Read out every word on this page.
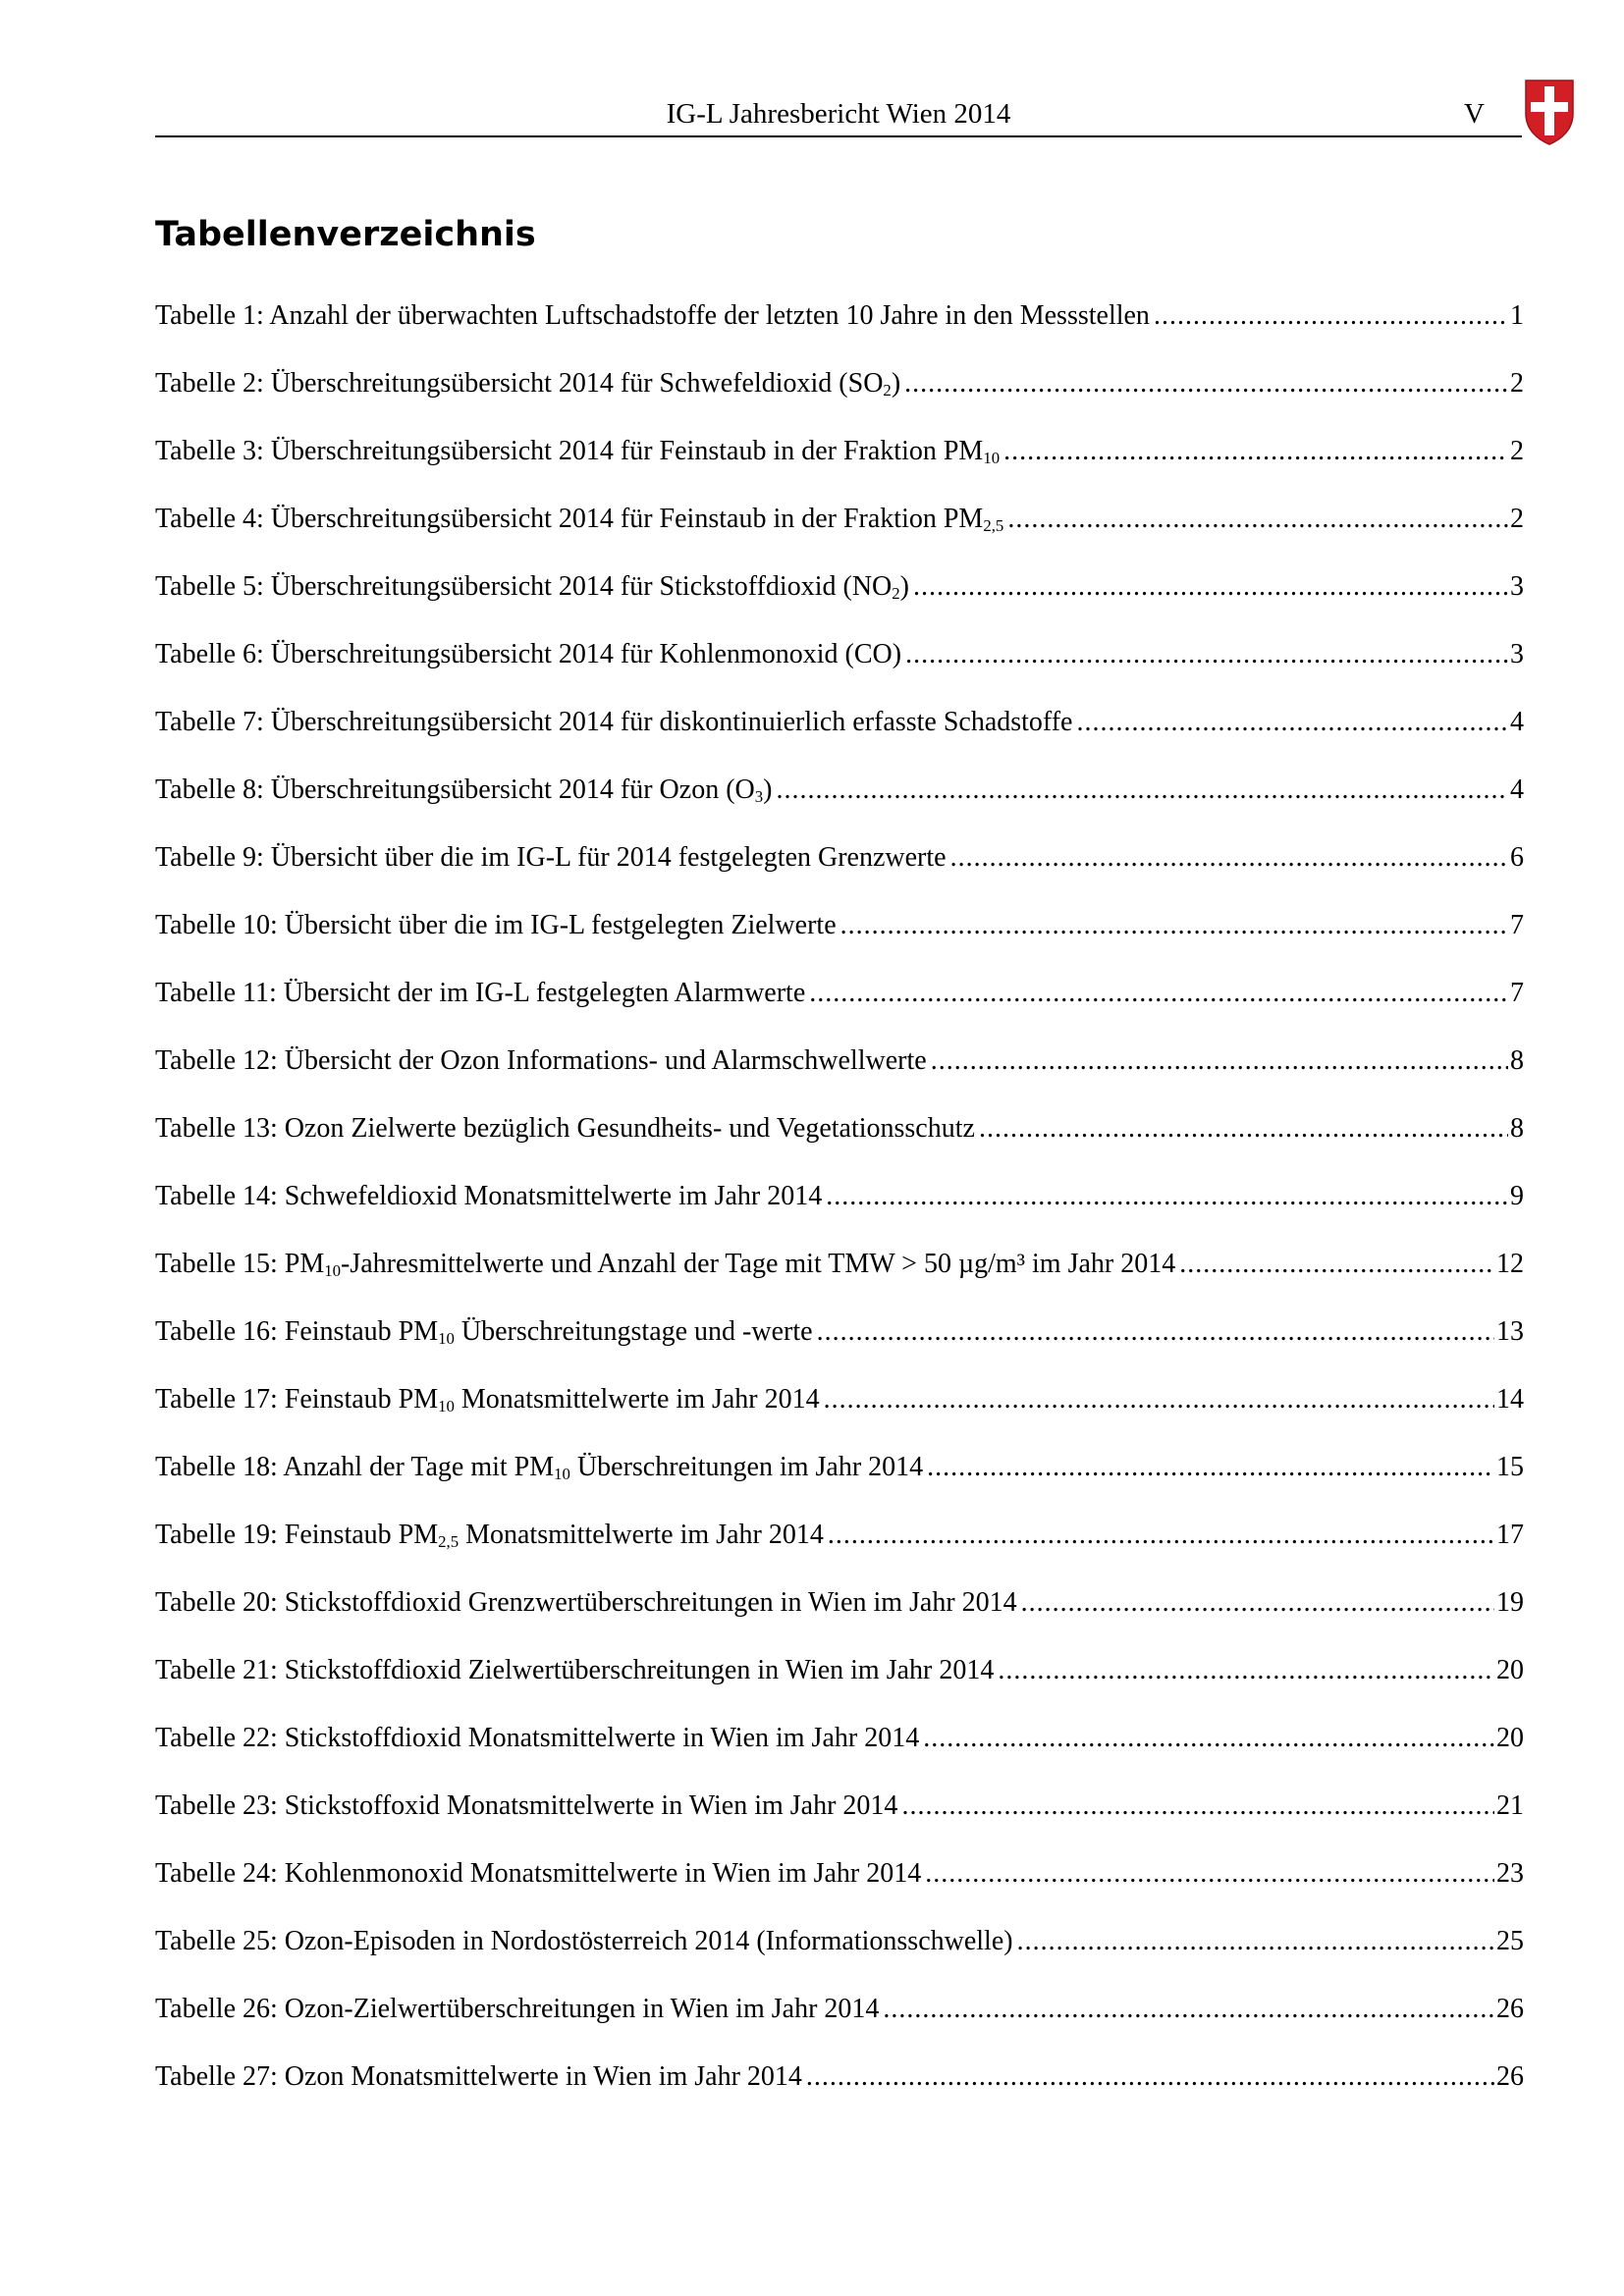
IG-L Jahresbericht Wien 2014	V
Tabellenverzeichnis
Tabelle 1: Anzahl der überwachten Luftschadstoffe der letzten 10 Jahre in den Messstellen .....	1
Tabelle 2: Überschreitungsübersicht 2014 für Schwefeldioxid $(SO_2)$ .....	2
Tabelle 3: Überschreitungsübersicht 2014 für Feinstaub in der Fraktion $PM_{10}$ .....	2
Tabelle 4: Überschreitungsübersicht 2014 für Feinstaub in der Fraktion $PM_{2,5}$ .....	2
Tabelle 5: Überschreitungsübersicht 2014 für Stickstoffdioxid $(NO_2)$ .....	3
Tabelle 6: Überschreitungsübersicht 2014 für Kohlenmonoxid (CO) .....	3
Tabelle 7: Überschreitungsübersicht 2014 für diskontinuierlich erfasste Schadstoffe .....	4
Tabelle 8: Überschreitungsübersicht 2014 für Ozon $(O_3)$ .....	4
Tabelle 9: Übersicht über die im IG-L für 2014 festgelegten Grenzwerte .....	6
Tabelle 10: Übersicht über die im IG-L festgelegten Zielwerte .....	7
Tabelle 11: Übersicht der im IG-L festgelegten Alarmwerte .....	7
Tabelle 12: Übersicht der Ozon Informations- und Alarmschwellwerte .....	8
Tabelle 13: Ozon Zielwerte bezüglich Gesundheits- und Vegetationsschutz .....	8
Tabelle 14: Schwefeldioxid Monatsmittelwerte im Jahr 2014 .....	9
Tabelle 15: $PM_{10}$-Jahresmittelwerte und Anzahl der Tage mit TMW > 50 µg/m³ im Jahr 2014 .....	12
Tabelle 16: Feinstaub $PM_{10}$ Überschreitungstage und -werte .....	13
Tabelle 17: Feinstaub $PM_{10}$ Monatsmittelwerte im Jahr 2014 .....	14
Tabelle 18: Anzahl der Tage mit $PM_{10}$ Überschreitungen im Jahr 2014 .....	15
Tabelle 19: Feinstaub $PM_{2,5}$ Monatsmittelwerte im Jahr 2014 .....	17
Tabelle 20: Stickstoffdioxid Grenzwertüberschreitungen in Wien im Jahr 2014 .....	19
Tabelle 21: Stickstoffdioxid Zielwertüberschreitungen in Wien im Jahr 2014 .....	20
Tabelle 22: Stickstoffdioxid Monatsmittelwerte in Wien im Jahr 2014 .....	20
Tabelle 23: Stickstoffoxid Monatsmittelwerte in Wien im Jahr 2014 .....	21
Tabelle 24: Kohlenmonoxid Monatsmittelwerte in Wien im Jahr 2014 .....	23
Tabelle 25: Ozon-Episoden in Nordostösterreich 2014 (Informationsschwelle) .....	25
Tabelle 26: Ozon-Zielwertüberschreitungen in Wien im Jahr 2014 .....	26
Tabelle 27: Ozon Monatsmittelwerte in Wien im Jahr 2014 .....	26
